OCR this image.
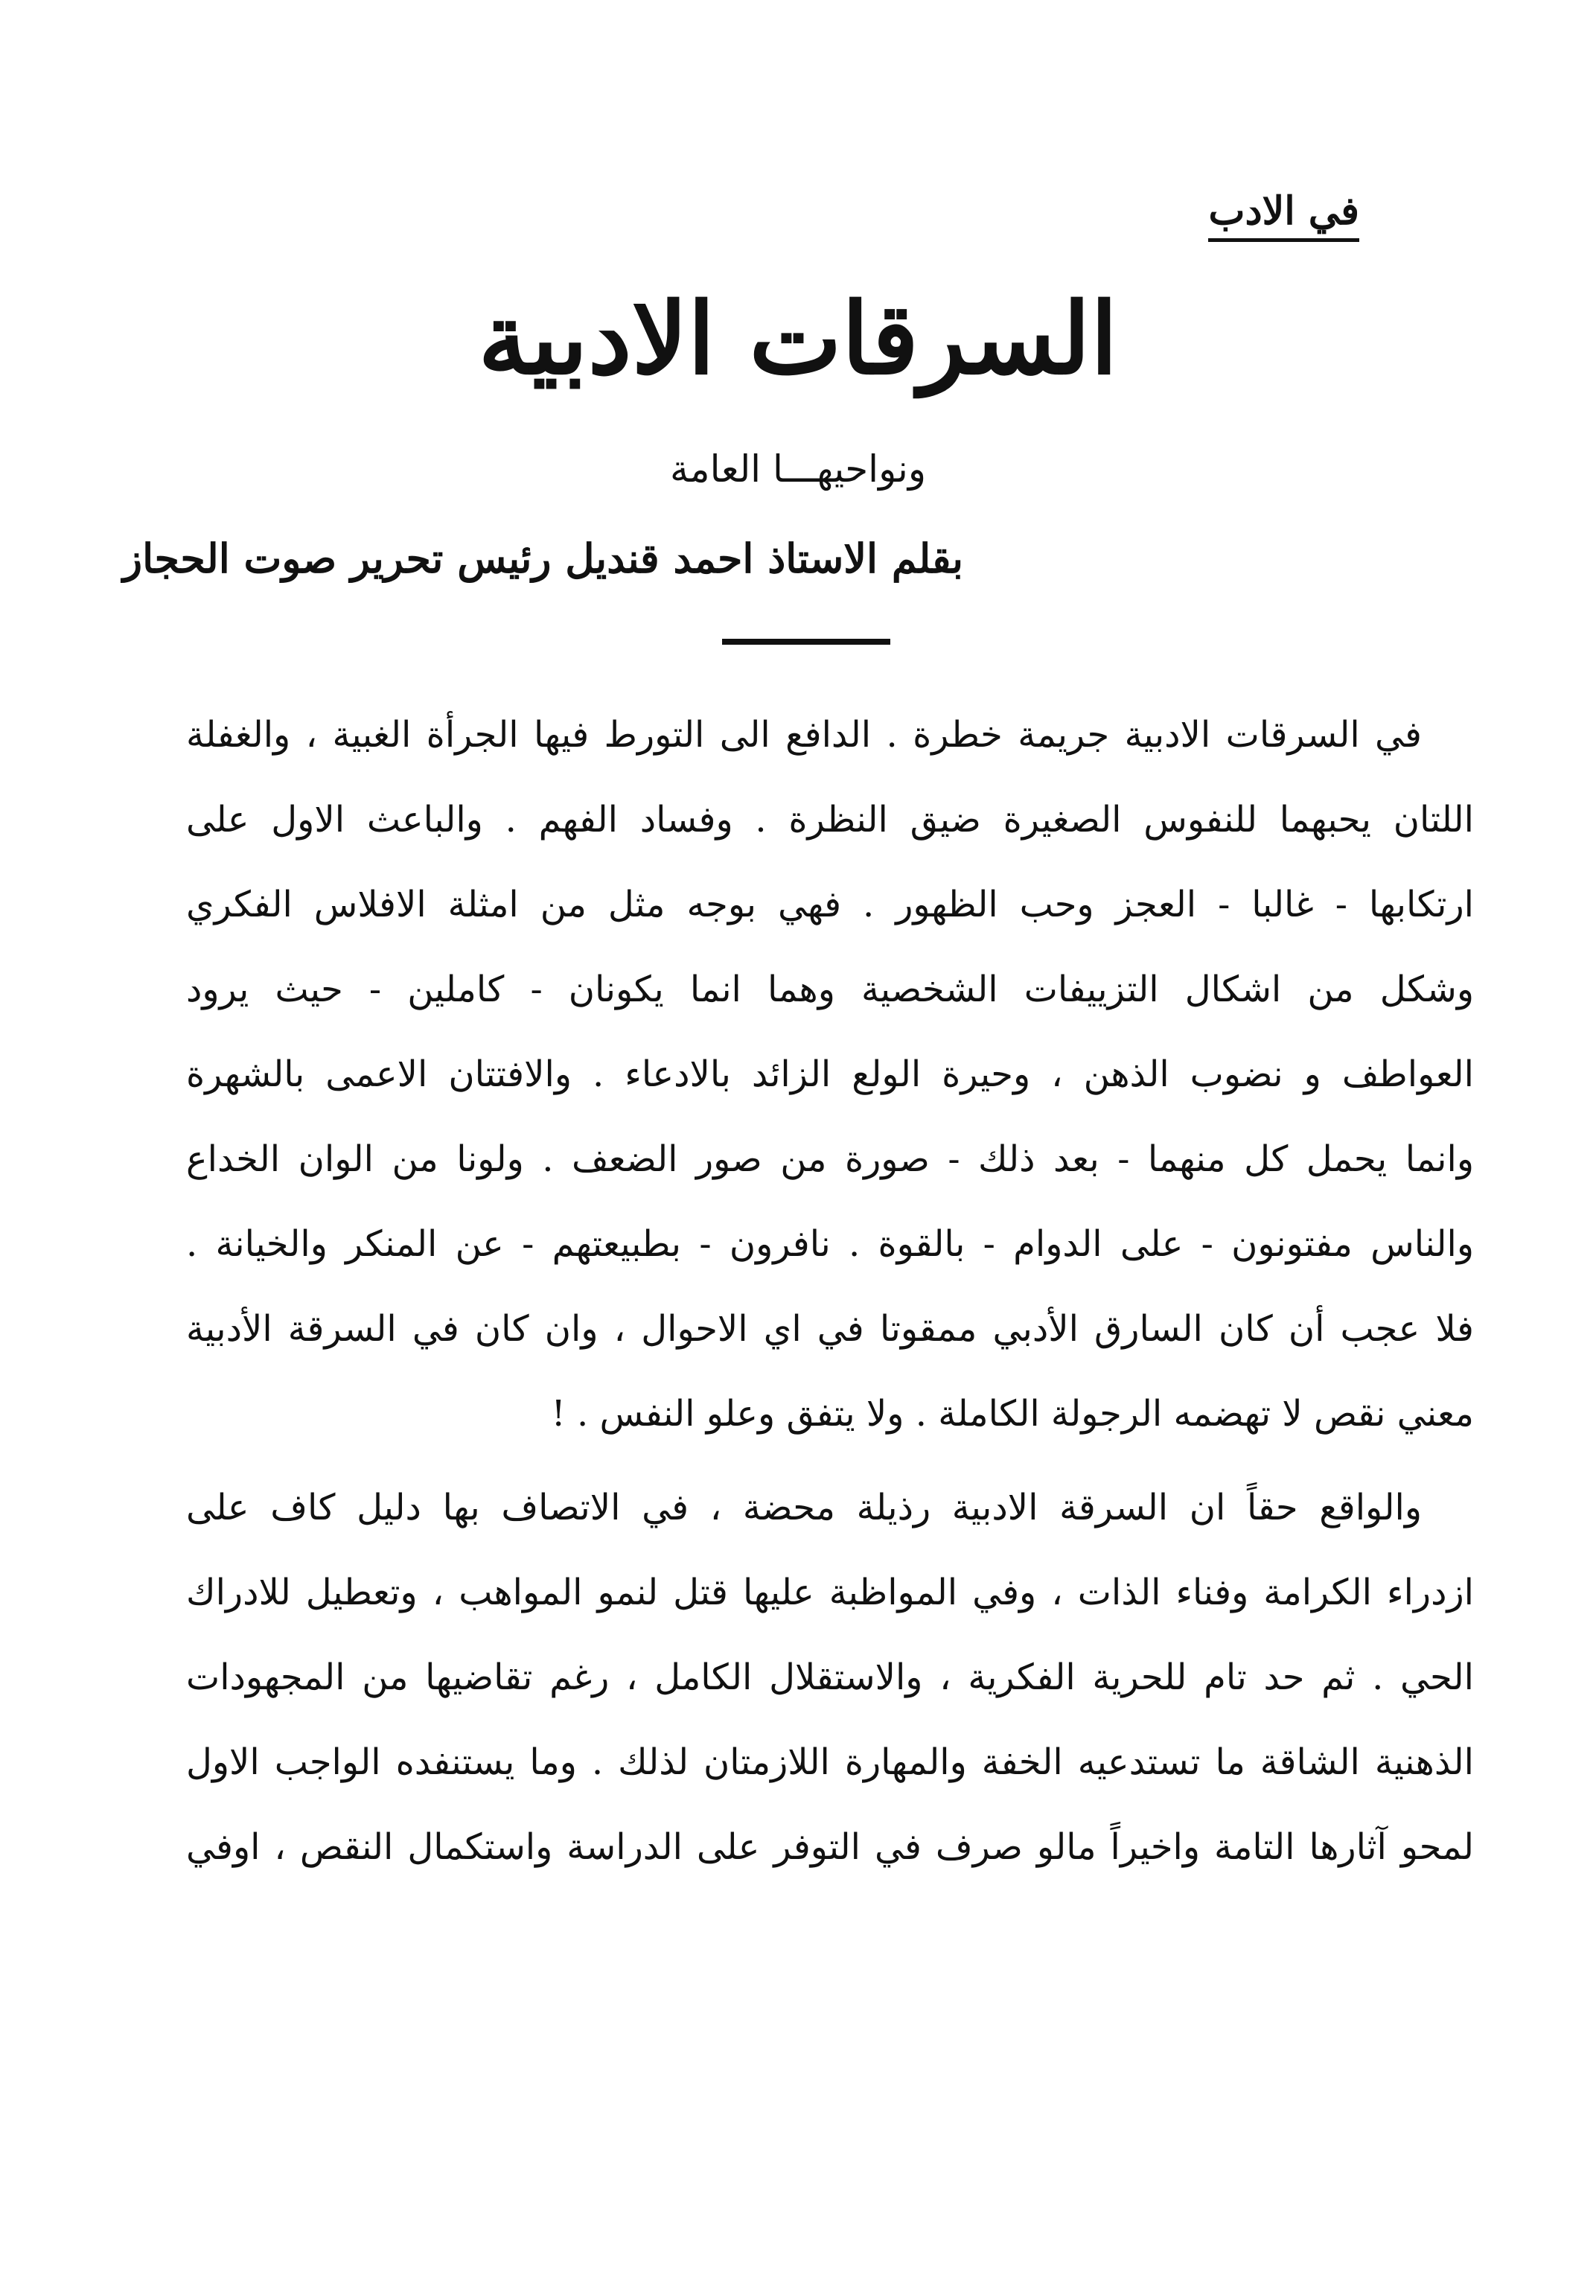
في الادب
السرقات الادبية
ونواحيهـــا العامة
بقلم الاستاذ احمد قنديل رئيس تحرير صوت الحجاز
في السرقات الادبية جريمة خطرة . الدافع الى التورط فيها الجرأة الغبية ، والغفلة
اللتان يحبهما للنفوس الصغيرة ضيق النظرة . وفساد الفهم . والباعث الاول على
ارتكابها - غالبا - العجز وحب الظهور . فهي بوجه مثل من امثلة الافلاس الفكري
وشكل من اشكال التزييفات الشخصية وهما انما يكونان - كاملين - حيث يرود
العواطف و نضوب الذهن ، وحيرة الولع الزائد بالادعاء . والافتتان الاعمى بالشهرة
وانما يحمل كل منهما - بعد ذلك - صورة من صور الضعف . ولونا من الوان الخداع
والناس مفتونون - على الدوام - بالقوة . نافرون - بطبيعتهم - عن المنكر والخيانة .
فلا عجب أن كان السارق الأدبي ممقوتا في اي الاحوال ، وان كان في السرقة الأدبية
معني نقص لا تهضمه الرجولة الكاملة . ولا يتفق وعلو النفس . !
والواقع حقاً ان السرقة الادبية رذيلة محضة ، في الاتصاف بها دليل كاف على
ازدراء الكرامة وفناء الذات ، وفي المواظبة عليها قتل لنمو المواهب ، وتعطيل للادراك
الحي . ثم حد تام للحرية الفكرية ، والاستقلال الكامل ، رغم تقاضيها من المجهودات
الذهنية الشاقة ما تستدعيه الخفة والمهارة اللازمتان لذلك . وما يستنفده الواجب الاول
لمحو آثارها التامة واخيراً مالو صرف في التوفر على الدراسة واستكمال النقص ، اوفي
